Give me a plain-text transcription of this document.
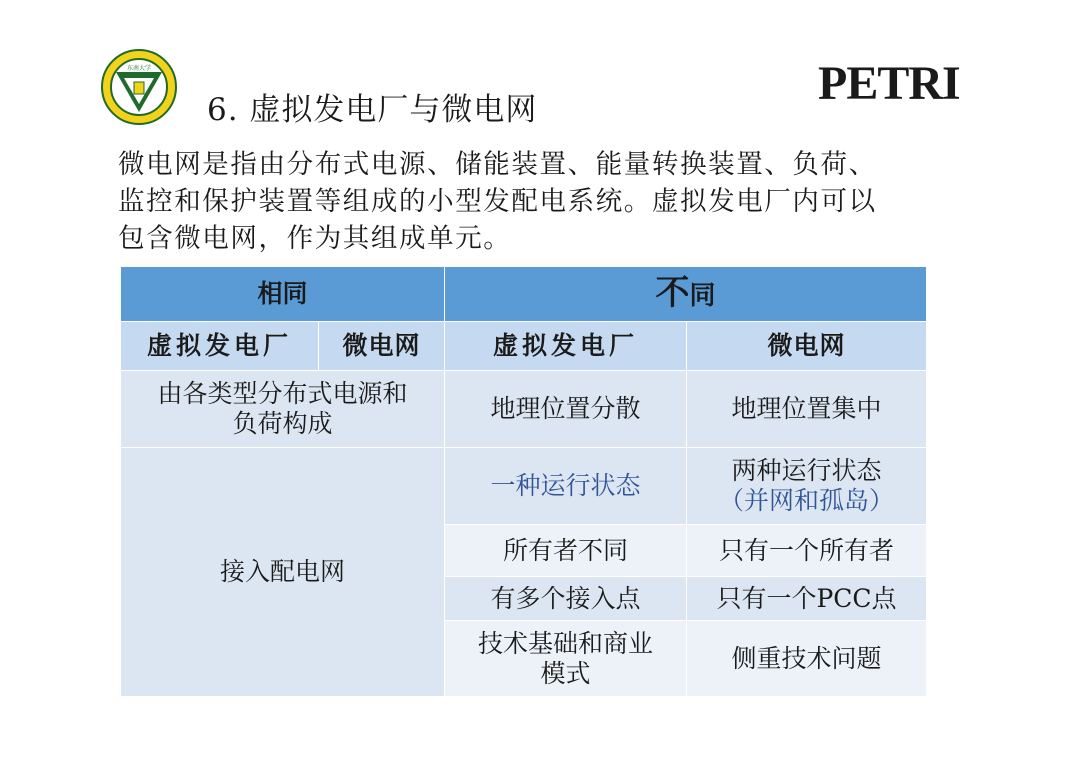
东南大学
6. 虚拟发电厂与微电网	PETRI
微电网是指由分布式电源、储能装置、能量转换装置、负荷、
监控和保护装置等组成的小型发配电系统。虚拟发电厂内可以
包含微电网，作为其组成单元。
相同		不同	
虚拟发电厂	微电网	虚拟发电厂	微电网

由各类型分布式电源和
负荷构成		地理位置分散	地理位置集中
接入配电网		一种运行状态	两种运行状态
（并网和孤岛）

		所有者不同	只有一个所有者
		有多个接入点	只有一个PCC点

		技术基础和商业
模式	侧重技术问题
